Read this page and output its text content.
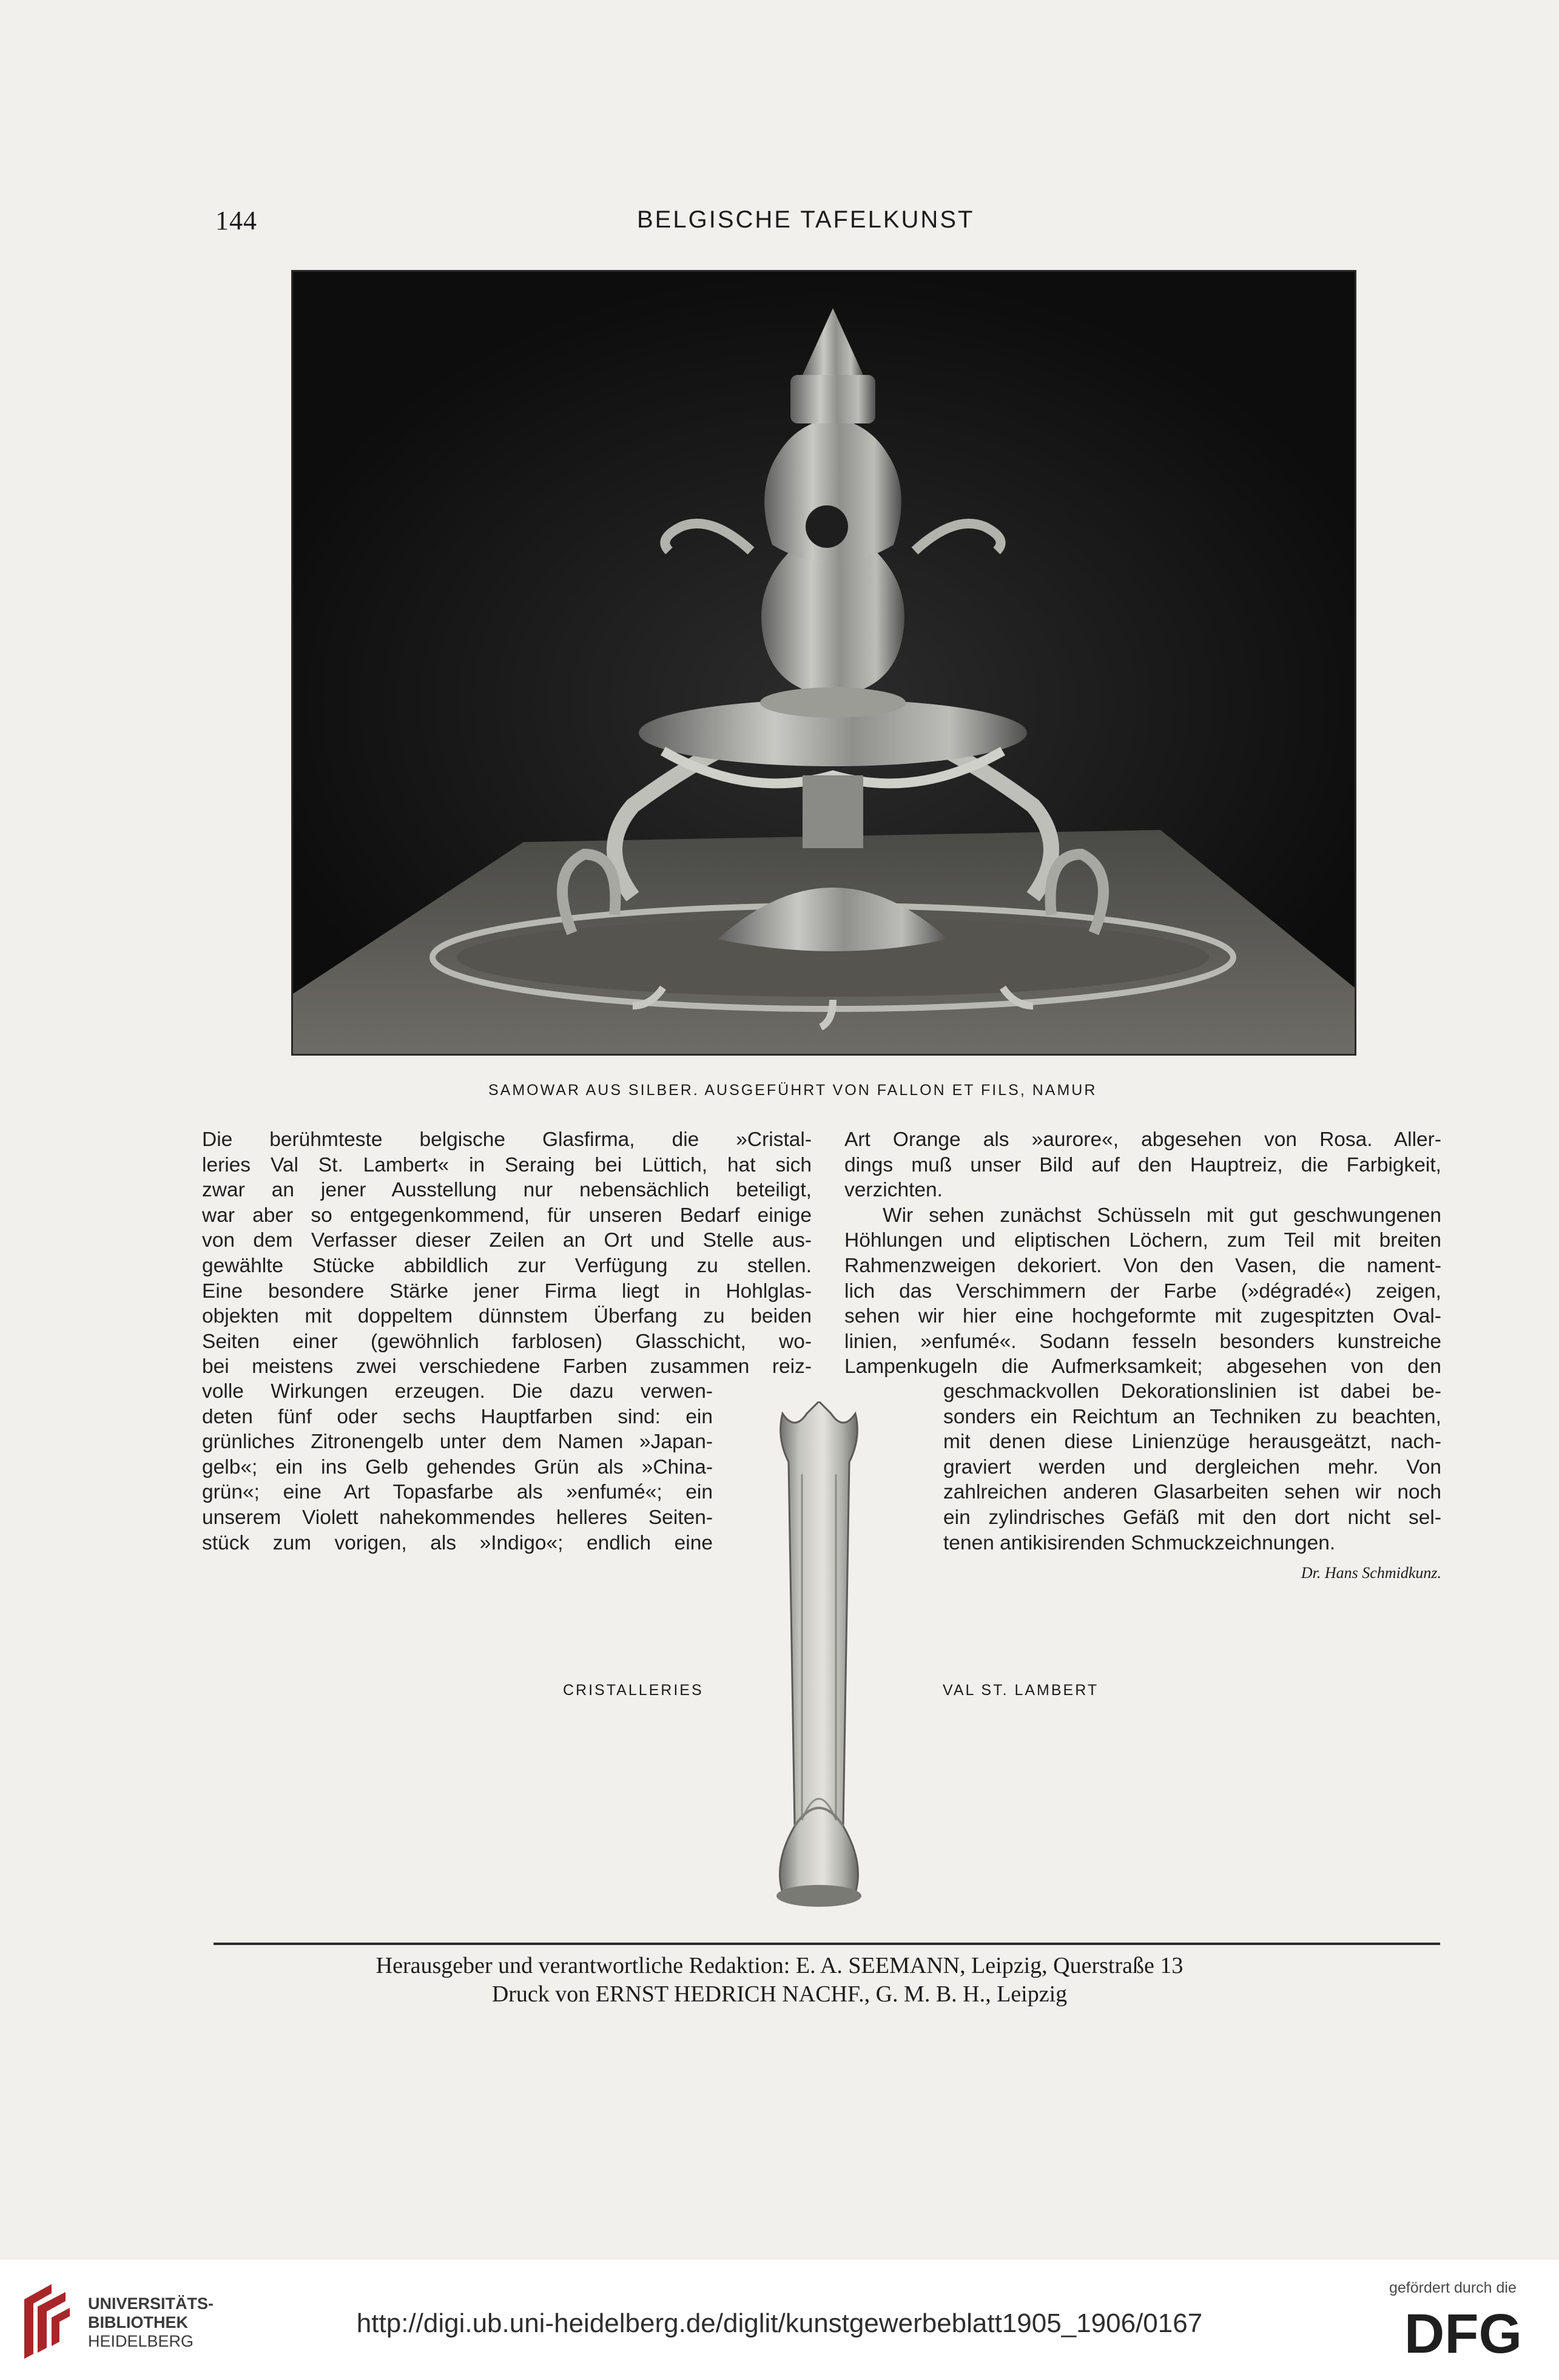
144	BELGISCHE TAFELKUNST
SAMOWAR AUS SILBER. AUSGEFÜHRT VON FALLON ET FILS, NAMUR
Die berühmteste belgische Glasfirma, die »Cristal-
leries Val St. Lambert« in Seraing bei Lüttich, hat sich
zwar an jener Ausstellung nur nebensächlich beteiligt,
war aber so entgegenkommend, für unseren Bedarf einige
von dem Verfasser dieser Zeilen an Ort und Stelle aus-
gewählte Stücke abbildlich zur Verfügung zu stellen.
Eine besondere Stärke jener Firma liegt in Hohlglas-
objekten mit doppeltem dünnstem Überfang zu beiden
Seiten einer (gewöhnlich farblosen) Glasschicht, wo-
bei meistens zwei verschiedene Farben zusammen reiz-
volle Wirkungen erzeugen. Die dazu verwen-
deten fünf oder sechs Hauptfarben sind: ein
grünliches Zitronengelb unter dem Namen »Japan-
gelb«; ein ins Gelb gehendes Grün als »China-
grün«; eine Art Topasfarbe als »enfumé«; ein
unserem Violett nahekommendes helleres Seiten-
stück zum vorigen, als »Indigo«; endlich eine
Art Orange als »aurore«, abgesehen von Rosa. Aller-
dings muß unser Bild auf den Hauptreiz, die Farbigkeit,
verzichten.
Wir sehen zunächst Schüsseln mit gut geschwungenen
Höhlungen und eliptischen Löchern, zum Teil mit breiten
Rahmenzweigen dekoriert. Von den Vasen, die nament-
lich das Verschimmern der Farbe (»dégradé«) zeigen,
sehen wir hier eine hochgeformte mit zugespitzten Oval-
linien, »enfumé«. Sodann fesseln besonders kunstreiche
Lampenkugeln die Aufmerksamkeit; abgesehen von den
geschmackvollen Dekorationslinien ist dabei be-
sonders ein Reichtum an Techniken zu beachten,
mit denen diese Linienzüge herausgeätzt, nach-
graviert werden und dergleichen mehr. Von
zahlreichen anderen Glasarbeiten sehen wir noch
ein zylindrisches Gefäß mit den dort nicht sel-
tenen antikisirenden Schmuckzeichnungen.
Dr. Hans Schmidkunz.
CRISTALLERIES	VAL ST. LAMBERT
Herausgeber und verantwortliche Redaktion: E. A. SEEMANN, Leipzig, Querstraße 13
Druck von ERNST HEDRICH NACHF., G. M. B. H., Leipzig
UNIVERSITÄTS-
BIBLIOTHEK
HEIDELBERG
http://digi.ub.uni-heidelberg.de/diglit/kunstgewerbeblatt1905_1906/0167
gefördert durch die
DFG
